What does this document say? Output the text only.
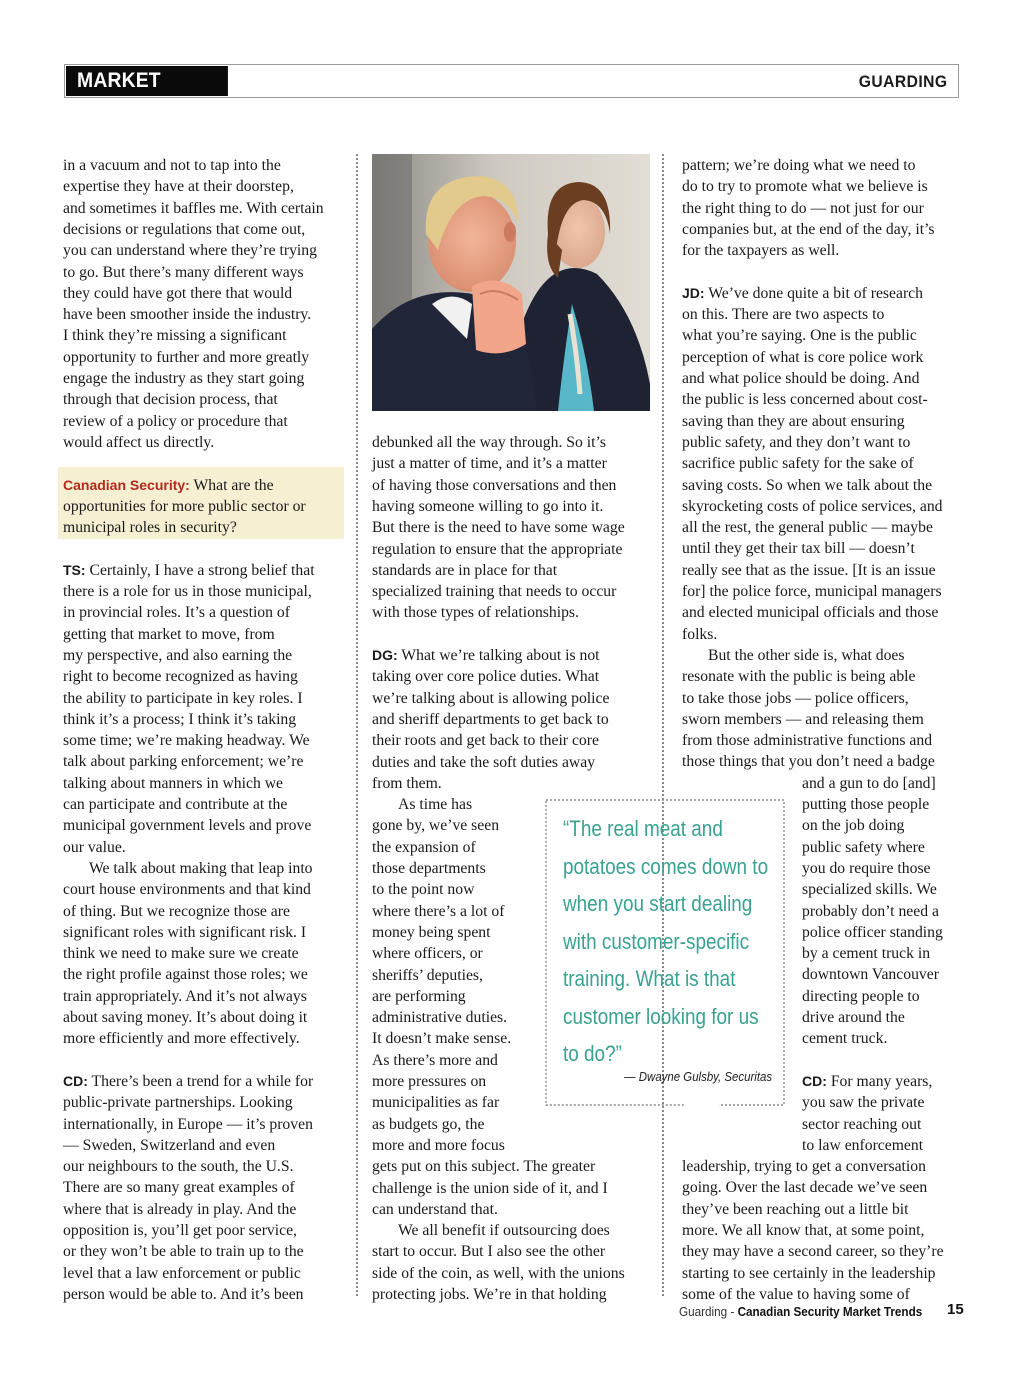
MARKET TRENDS
GUARDING
in a vacuum and not to tap into the
expertise they have at their doorstep,
and sometimes it baffles me. With certain
decisions or regulations that come out,
you can understand where they’re trying
to go. But there’s many different ways
they could have got there that would
have been smoother inside the industry.
I think they’re missing a significant
opportunity to further and more greatly
engage the industry as they start going
through that decision process, that
review of a policy or procedure that
would affect us directly.
Canadian Security: What are the
opportunities for more public sector or
municipal roles in security?
TS: Certainly, I have a strong belief that
there is a role for us in those municipal,
in provincial roles. It’s a question of
getting that market to move, from
my perspective, and also earning the
right to become recognized as having
the ability to participate in key roles. I
think it’s a process; I think it’s taking
some time; we’re making headway. We
talk about parking enforcement; we’re
talking about manners in which we
can participate and contribute at the
municipal government levels and prove
our value.
We talk about making that leap into
court house environments and that kind
of thing. But we recognize those are
significant roles with significant risk. I
think we need to make sure we create
the right profile against those roles; we
train appropriately. And it’s not always
about saving money. It’s about doing it
more efficiently and more effectively.
CD: There’s been a trend for a while for
public-private partnerships. Looking
internationally, in Europe — it’s proven
— Sweden, Switzerland and even
our neighbours to the south, the U.S.
There are so many great examples of
where that is already in play. And the
opposition is, you’ll get poor service,
or they won’t be able to train up to the
level that a law enforcement or public
person would be able to. And it’s been
debunked all the way through. So it’s
just a matter of time, and it’s a matter
of having those conversations and then
having someone willing to go into it.
But there is the need to have some wage
regulation to ensure that the appropriate
standards are in place for that
specialized training that needs to occur
with those types of relationships.
DG: What we’re talking about is not
taking over core police duties. What
we’re talking about is allowing police
and sheriff departments to get back to
their roots and get back to their core
duties and take the soft duties away
from them.
As time has
gone by, we’ve seen
the expansion of
those departments
to the point now
where there’s a lot of
money being spent
where officers, or
sheriffs’ deputies,
are performing
administrative duties.
It doesn’t make sense.
As there’s more and
more pressures on
municipalities as far
as budgets go, the
more and more focus
gets put on this subject. The greater
challenge is the union side of it, and I
can understand that.
We all benefit if outsourcing does
start to occur. But I also see the other
side of the coin, as well, with the unions
protecting jobs. We’re in that holding
pattern; we’re doing what we need to
do to try to promote what we believe is
the right thing to do — not just for our
companies but, at the end of the day, it’s
for the taxpayers as well.
JD: We’ve done quite a bit of research
on this. There are two aspects to
what you’re saying. One is the public
perception of what is core police work
and what police should be doing. And
the public is less concerned about cost-
saving than they are about ensuring
public safety, and they don’t want to
sacrifice public safety for the sake of
saving costs. So when we talk about the
skyrocketing costs of police services, and
all the rest, the general public — maybe
until they get their tax bill — doesn’t
really see that as the issue. [It is an issue
for] the police force, municipal managers
and elected municipal officials and those
folks.
But the other side is, what does
resonate with the public is being able
to take those jobs — police officers,
sworn members — and releasing them
from those administrative functions and
those things that you don’t need a badge
and a gun to do [and]
putting those people
on the job doing
public safety where
you do require those
specialized skills. We
probably don’t need a
police officer standing
by a cement truck in
downtown Vancouver
directing people to
drive around the
cement truck.
CD: For many years,
you saw the private
sector reaching out
to law enforcement
leadership, trying to get a conversation
going. Over the last decade we’ve seen
they’ve been reaching out a little bit
more. We all know that, at some point,
they may have a second career, so they’re
starting to see certainly in the leadership
some of the value to having some of
“The real meat and
potatoes comes down to
when you start dealing
with customer-specific
training. What is that
customer looking for us
to do?”
— Dwayne Gulsby, Securitas
Guarding - Canadian Security Market Trends 15
